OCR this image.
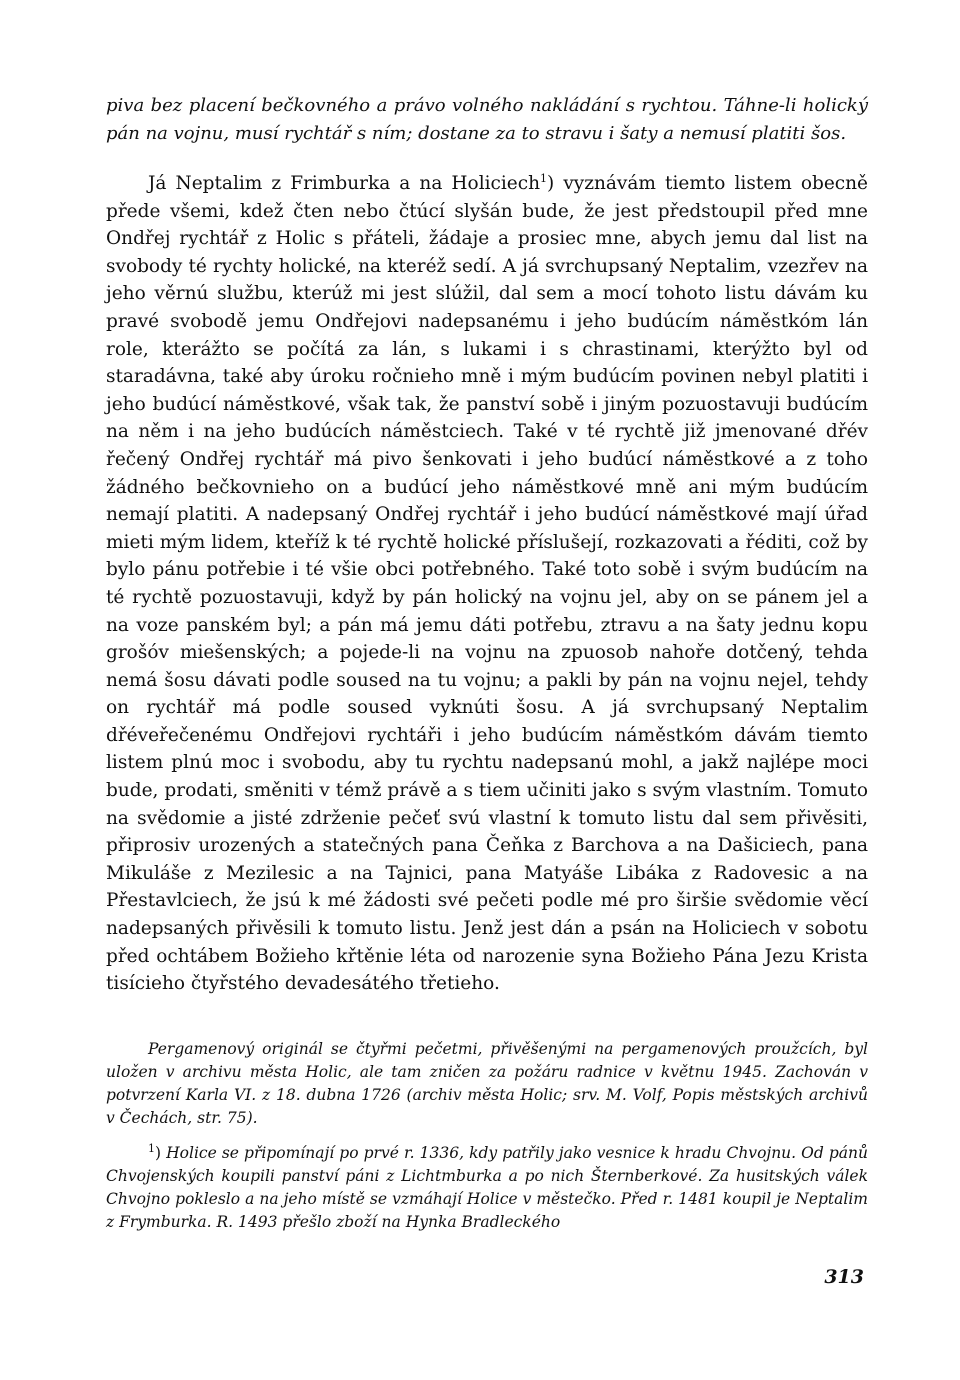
piva bez placení bečkovného a právo volného nakládání s rychtou. Táhne-li holický pán na vojnu, musí rychtář s ním; dostane za to stravu i šaty a nemusí platiti šos.

Já Neptalim z Frimburka a na Holiciech$^1$) vyznávám tiemto listem obecně přede všemi, kdež čten nebo čtúcí slyšán bude, že jest předstoupil před mne Ondřej rychtář z Holic s přáteli, žádaje a prosiec mne, abych jemu dal list na svobody té rychty holické, na kteréž sedí. A já svrchupsaný Neptalim, vzezřev na jeho věrnú službu, kterúž mi jest slúžil, dal sem a mocí tohoto listu dávám ku pravé svobodě jemu Ondřejovi nadepsanému i jeho budúcím náměstkóm lán role, kterážto se počítá za lán, s lukami i s chrastinami, kterýžto byl od staradávna, také aby úroku ročnieho mně i mým budúcím povinen nebyl platiti i jeho budúcí náměstkové, však tak, že panství sobě i jiným pozuostavuji budúcím na něm i na jeho budúcích náměstciech. Také v té rychtě již jmenované dřév řečený Ondřej rychtář má pivo šenkovati i jeho budúcí náměstkové a z toho žádného bečkovnieho on a budúcí jeho náměstkové mně ani mým budúcím nemají platiti. A nadepsaný Ondřej rychtář i jeho budúcí náměstkové mají úřad mieti mým lidem, kteříž k té rychtě holické příslušejí, rozkazovati a řéditi, což by bylo pánu potřebie i té všie obci potřebného. Také toto sobě i svým budúcím na té rychtě pozuostavuji, když by pán holický na vojnu jel, aby on se pánem jel a na voze panském byl; a pán má jemu dáti potřebu, ztravu a na šaty jednu kopu grošóv miešenských; a pojede-li na vojnu na zpuosob nahoře dotčený, tehda nemá šosu dávati podle soused na tu vojnu; a pakli by pán na vojnu nejel, tehdy on rychtář má podle soused vyknúti šosu. A já svrchupsaný Neptalim dřéveřečenému Ondřejovi rychtáři i jeho budúcím náměstkóm dávám tiemto listem plnú moc i svobodu, aby tu rychtu nadepsanú mohl, a jakž najlépe moci bude, prodati, směniti v témž právě a s tiem učiniti jako s svým vlastním. Tomuto na svědomie a jisté zdrženie pečeť svú vlastní k tomuto listu dal sem přivěsiti, připrosiv urozených a statečných pana Čeňka z Barchova a na Dašiciech, pana Mikuláše z Mezilesic a na Tajnici, pana Matyáše Libáka z Radovesic a na Přestavlciech, že jsú k mé žádosti své pečeti podle mé pro širšie svědomie věcí nadepsaných přivěsili k tomuto listu. Jenž jest dán a psán na Holiciech v sobotu před ochtábem Božieho křtěnie léta od narozenie syna Božieho Pána Jezu Krista tisícieho čtyřstého devadesátého třetieho.

Pergamenový originál se čtyřmi pečetmi, přivěšenými na pergamenových proužcích, byl uložen v archivu města Holic, ale tam zničen za požáru radnice v květnu 1945. Zachován v potvrzení Karla VI. z 18. dubna 1726 (archiv města Holic; srv. M. Volf, Popis městských archivů v Čechách, str. 75).

$^1$) Holice se připomínají po prvé r. 1336, kdy patřily jako vesnice k hradu Chvojnu. Od pánů Chvojenských koupili panství páni z Lichtmburka a po nich Šternberkové. Za husitských válek Chvojno pokleslo a na jeho místě se vzmáhají Holice v městečko. Před r. 1481 koupil je Neptalim z Frymburka. R. 1493 přešlo zboží na Hynka Bradleckého

313
